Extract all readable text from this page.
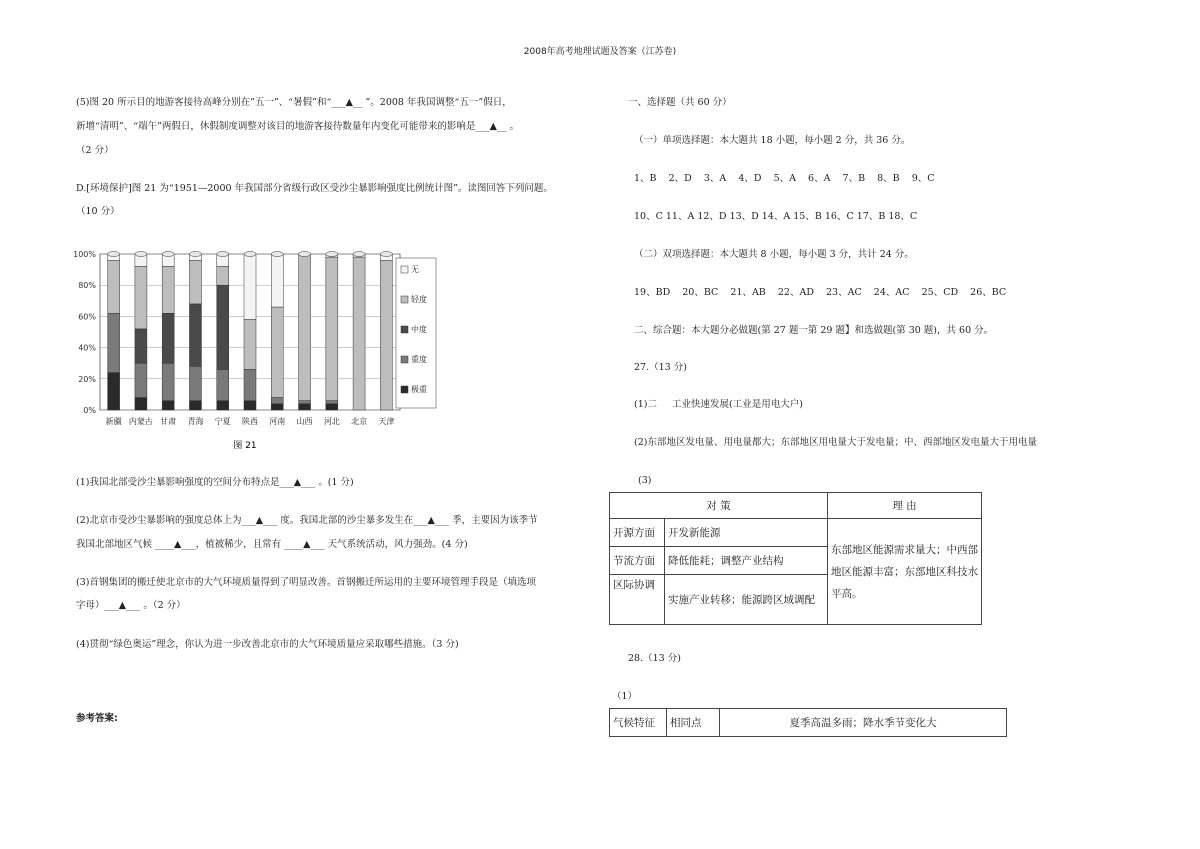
2008年高考地理试题及答案（江苏卷)
(5)图 20 所示目的地游客接待高峰分别在”五一”、“暑假”和“___▲__ ”。2008 年我国调整“五一”假日，
新增“清明”、“端午”两假日，休假制度调整对该目的地游客接待数量年内变化可能带来的影响是___▲__ 。
（2 分）
D.[环境保护]图 21 为“1951—2000 年我国部分省级行政区受沙尘暴影响强度比例统计图”。读图回答下列问题。
（10 分）
0%
20%
40%
60%
80%
100%
新疆 内蒙古 甘肃 青海 宁夏 陕西 河南 山西 河北 北京 天津
无
轻度
中度
重度
极重
图 21
(1)我国北部受沙尘暴影响强度的空间分布特点是___▲___ 。(1 分)
(2)北京市受沙尘暴影响的强度总体上为___▲___ 度。我国北部的沙尘暴多发生在___▲___ 季，主要因为该季节
我国北部地区气候 ____▲___，植被稀少，且常有 ____▲___ 天气系统活动，风力强劲。(4 分)
(3)首钢集团的搬迁使北京市的大气环境质量得到了明显改善。首钢搬迁所运用的主要环境管理手段是（填选项
字母）___▲___ 。（2 分）
(4)贯彻“绿色奥运”理念，你认为进一步改善北京市的大气环境质量应采取哪些措施。（3 分)
参考答案:
一、选择题（共 60 分）
（一）单项选择题：本大题共 18 小题，每小题 2 分，共 36 分。
1、B    2、D    3、A    4、D    5、A    6、A    7、B    8、B    9、C
10、C 11、A 12、D 13、D 14、A 15、B 16、C 17、B 18、C
（二）双项选择题：本大题共 8 小题，每小题 3 分，共计 24 分。
19、BD    20、BC    21、AB    22、AD    23、AC    24、AC    25、CD    26、BC
二、综合题：本大题分必做题(第 27 题一第 29 题】和选做题(第 30 题)，共 60 分。
27.（13 分)
(1)二     工业快速发展(工业是用电大户)
(2)东部地区发电量、用电量都大；东部地区用电量大于发电量；中、西部地区发电量大于用电量
(3)
对 策		理 由
开源方面	开发新能源	东部地区能源需求量大；中西部地区能源丰富；东部地区科技水平高。
节流方面	降低能耗；调整产业结构	
区际协调	实施产业转移；能源跨区域调配	
28.（13 分)
（1）
气候特征	相同点	夏季高温多雨；降水季节变化大
